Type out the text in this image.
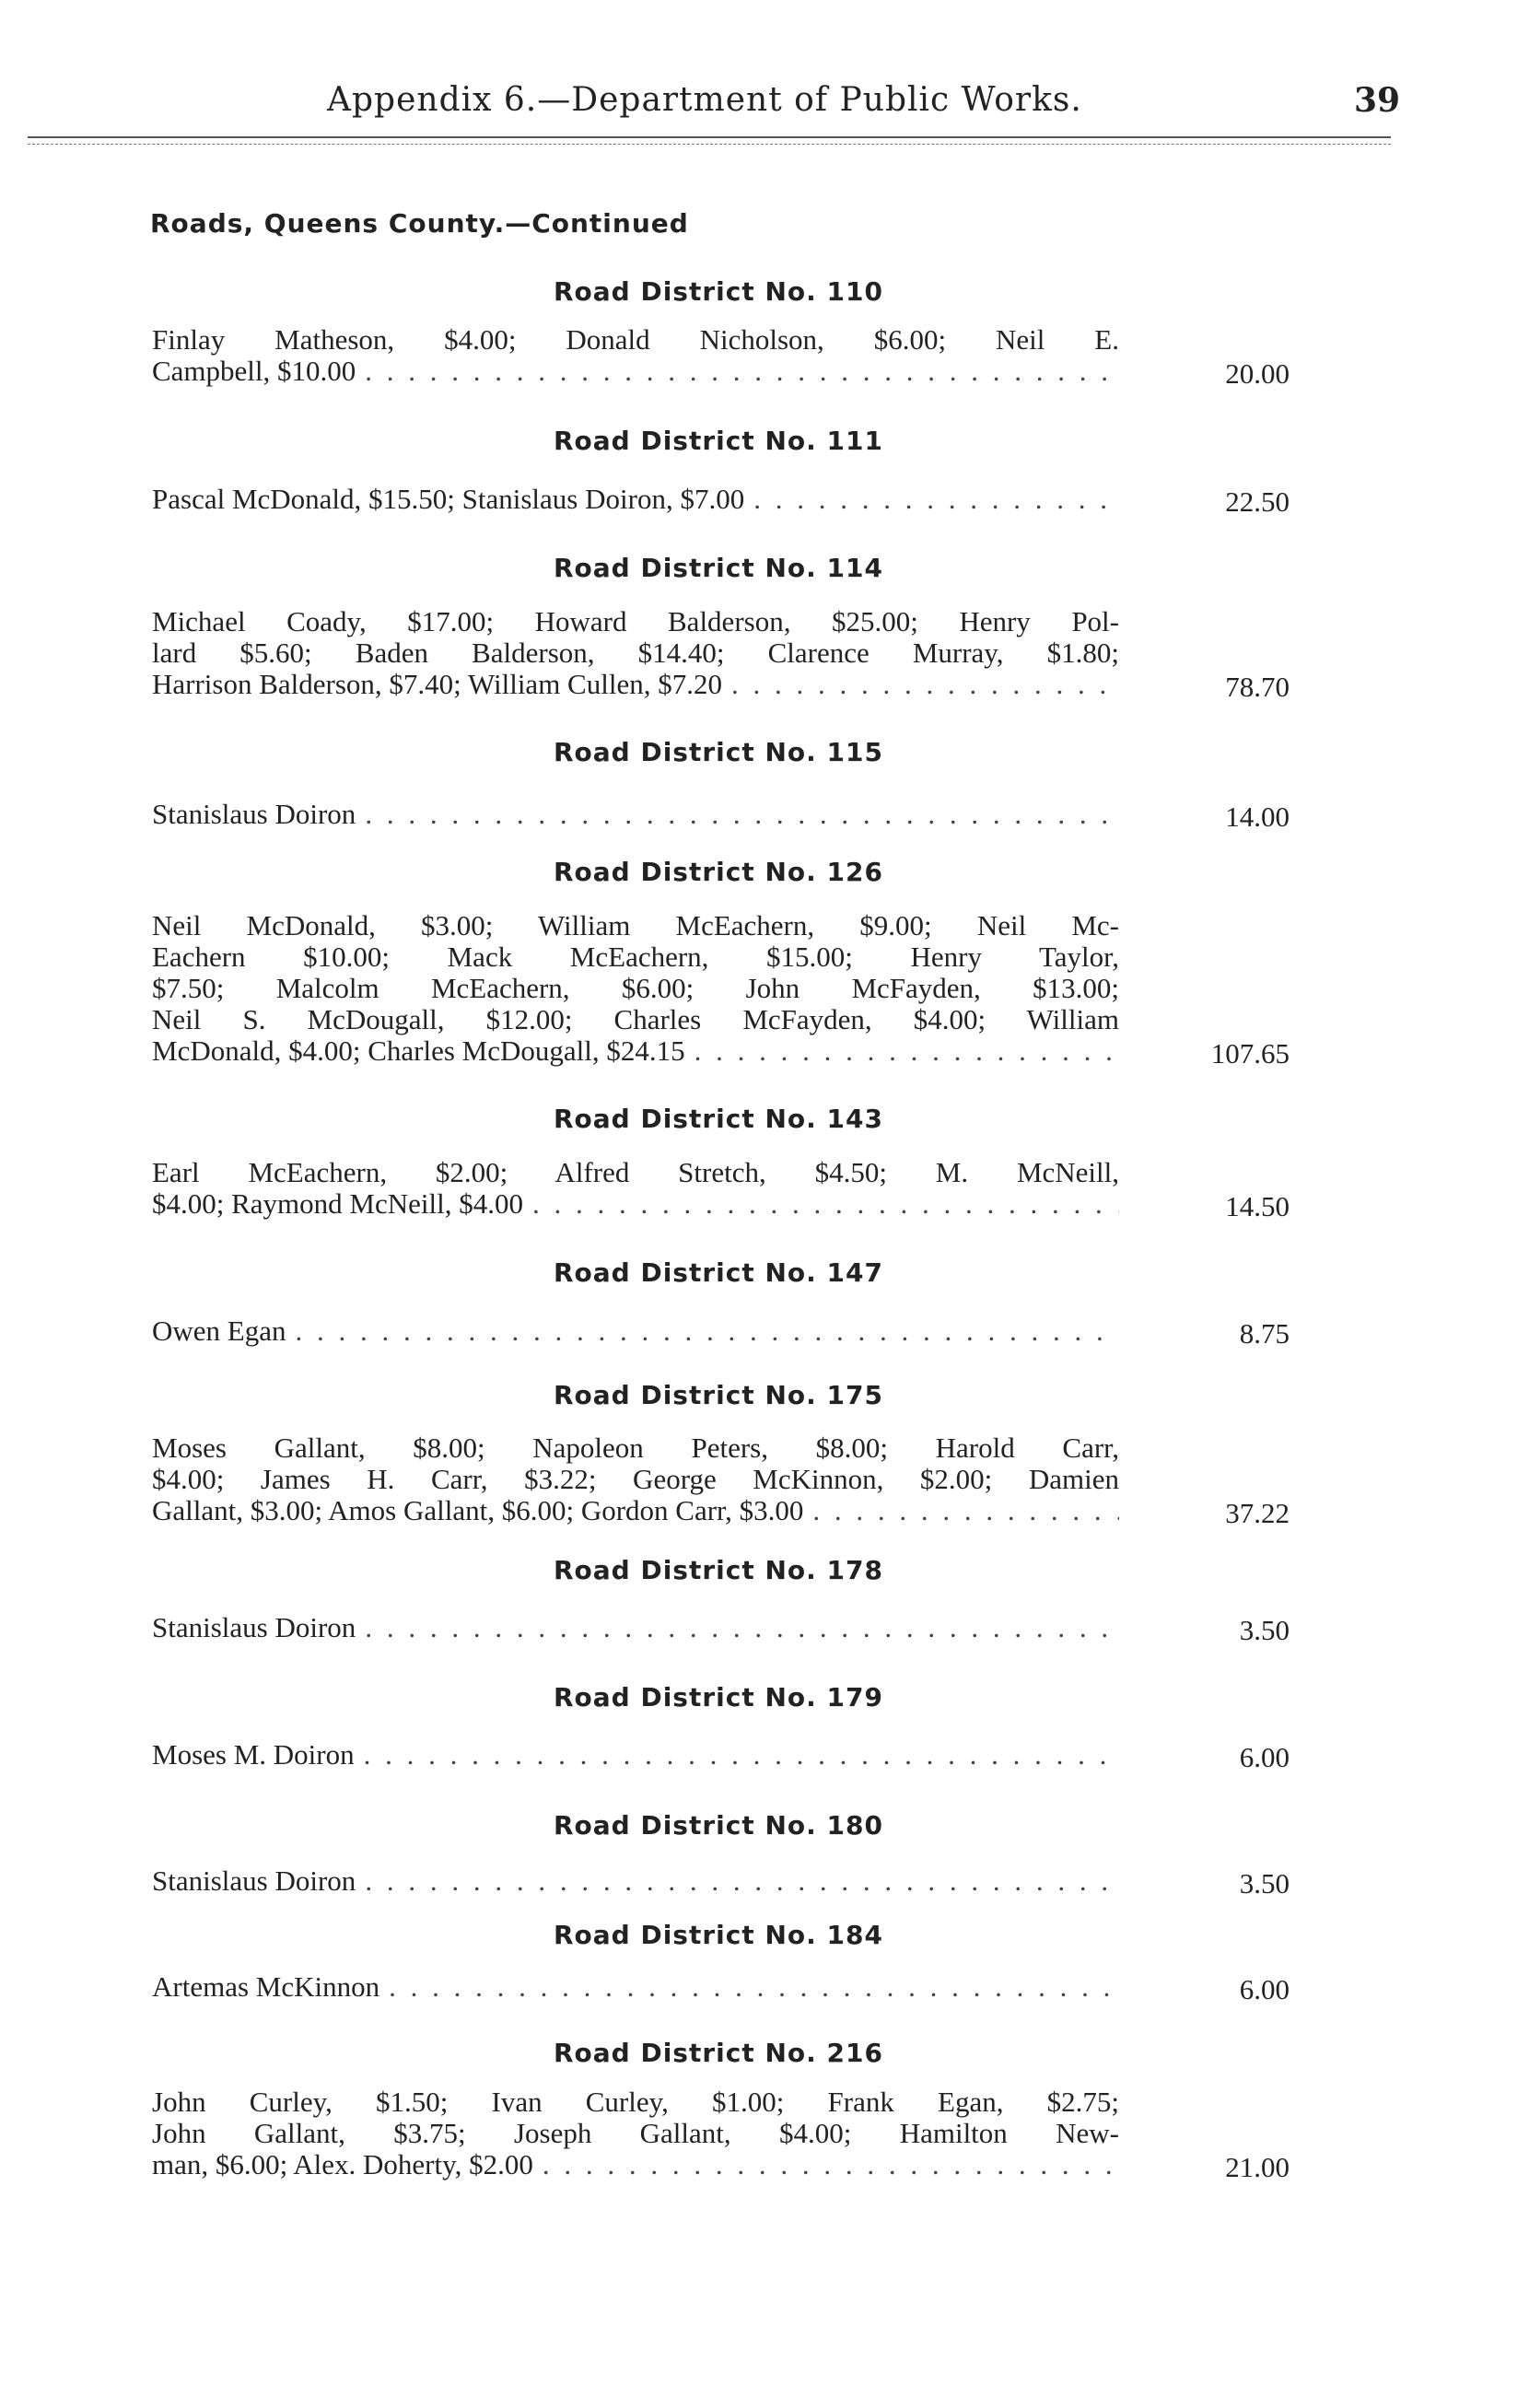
Appendix 6.—Department of Public Works.	39
Roads, Queens County.—Continued
Road District No. 110
Finlay Matheson, $4.00; Donald Nicholson, $6.00; Neil E.
Campbell, $10.00 . . .	20.00
Road District No. 111
Pascal McDonald, $15.50; Stanislaus Doiron, $7.00 . . .	22.50
Road District No. 114
Michael Coady, $17.00; Howard Balderson, $25.00; Henry Pol-
lard $5.60; Baden Balderson, $14.40; Clarence Murray, $1.80;
Harrison Balderson, $7.40; William Cullen, $7.20 . . .	78.70
Road District No. 115
Stanislaus Doiron . . .	14.00
Road District No. 126
Neil McDonald, $3.00; William McEachern, $9.00; Neil Mc-
Eachern $10.00; Mack McEachern, $15.00; Henry Taylor,
$7.50; Malcolm McEachern, $6.00; John McFayden, $13.00;
Neil S. McDougall, $12.00; Charles McFayden, $4.00; William
McDonald, $4.00; Charles McDougall, $24.15 . . .	107.65
Road District No. 143
Earl McEachern, $2.00; Alfred Stretch, $4.50; M. McNeill,
$4.00; Raymond McNeill, $4.00 . . .	14.50
Road District No. 147
Owen Egan . . .	8.75
Road District No. 175
Moses Gallant, $8.00; Napoleon Peters, $8.00; Harold Carr,
$4.00; James H. Carr, $3.22; George McKinnon, $2.00; Damien
Gallant, $3.00; Amos Gallant, $6.00; Gordon Carr, $3.00 . . .	37.22
Road District No. 178
Stanislaus Doiron . . .	3.50
Road District No. 179
Moses M. Doiron . . .	6.00
Road District No. 180
Stanislaus Doiron . . .	3.50
Road District No. 184
Artemas McKinnon . . .	6.00
Road District No. 216
John Curley, $1.50; Ivan Curley, $1.00; Frank Egan, $2.75;
John Gallant, $3.75; Joseph Gallant, $4.00; Hamilton New-
man, $6.00; Alex. Doherty, $2.00 . . .	21.00
